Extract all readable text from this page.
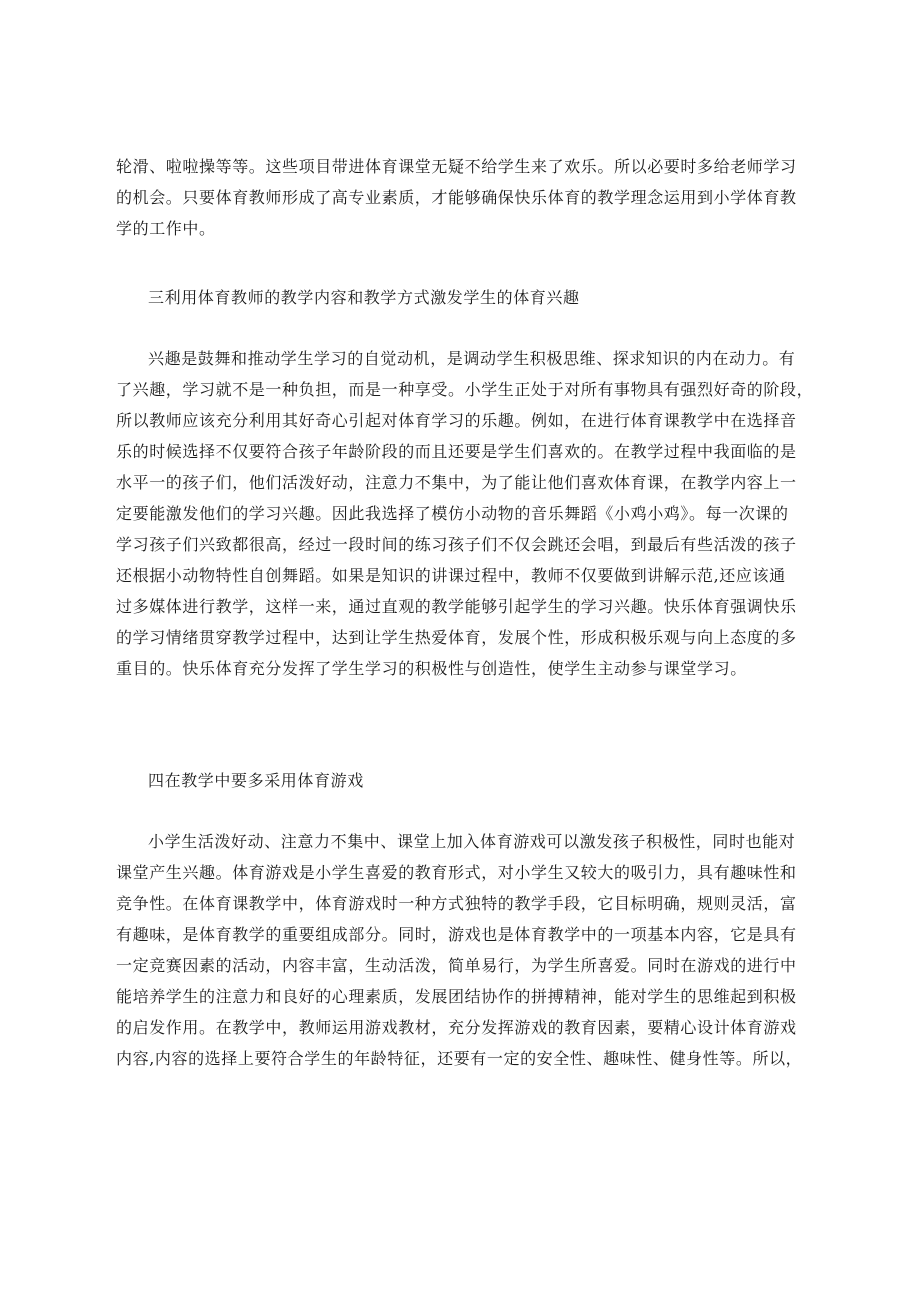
轮滑、啦啦操等等。这些项目带进体育课堂无疑不给学生来了欢乐。所以必要时多给老师学习
的机会。只要体育教师形成了高专业素质，才能够确保快乐体育的教学理念运用到小学体育教
学的工作中。
三利用体育教师的教学内容和教学方式激发学生的体育兴趣
兴趣是鼓舞和推动学生学习的自觉动机，是调动学生积极思维、探求知识的内在动力。有
了兴趣，学习就不是一种负担，而是一种享受。小学生正处于对所有事物具有强烈好奇的阶段，
所以教师应该充分利用其好奇心引起对体育学习的乐趣。例如，在进行体育课教学中在选择音
乐的时候选择不仅要符合孩子年龄阶段的而且还要是学生们喜欢的。在教学过程中我面临的是
水平一的孩子们，他们活泼好动，注意力不集中，为了能让他们喜欢体育课，在教学内容上一
定要能激发他们的学习兴趣。因此我选择了模仿小动物的音乐舞蹈《小鸡小鸡》。每一次课的
学习孩子们兴致都很高，经过一段时间的练习孩子们不仅会跳还会唱，到最后有些活泼的孩子
还根据小动物特性自创舞蹈。如果是知识的讲课过程中，教师不仅要做到讲解示范,还应该通
过多媒体进行教学，这样一来，通过直观的教学能够引起学生的学习兴趣。快乐体育强调快乐
的学习情绪贯穿教学过程中，达到让学生热爱体育，发展个性，形成积极乐观与向上态度的多
重目的。快乐体育充分发挥了学生学习的积极性与创造性，使学生主动参与课堂学习。
四在教学中要多采用体育游戏
小学生活泼好动、注意力不集中、课堂上加入体育游戏可以激发孩子积极性，同时也能对
课堂产生兴趣。体育游戏是小学生喜爱的教育形式，对小学生又较大的吸引力，具有趣味性和
竞争性。在体育课教学中，体育游戏时一种方式独特的教学手段，它目标明确，规则灵活，富
有趣味，是体育教学的重要组成部分。同时，游戏也是体育教学中的一项基本内容，它是具有
一定竞赛因素的活动，内容丰富，生动活泼，简单易行，为学生所喜爱。同时在游戏的进行中
能培养学生的注意力和良好的心理素质，发展团结协作的拼搏精神，能对学生的思维起到积极
的启发作用。在教学中，教师运用游戏教材，充分发挥游戏的教育因素，要精心设计体育游戏
内容,内容的选择上要符合学生的年龄特征，还要有一定的安全性、趣味性、健身性等。所以，
